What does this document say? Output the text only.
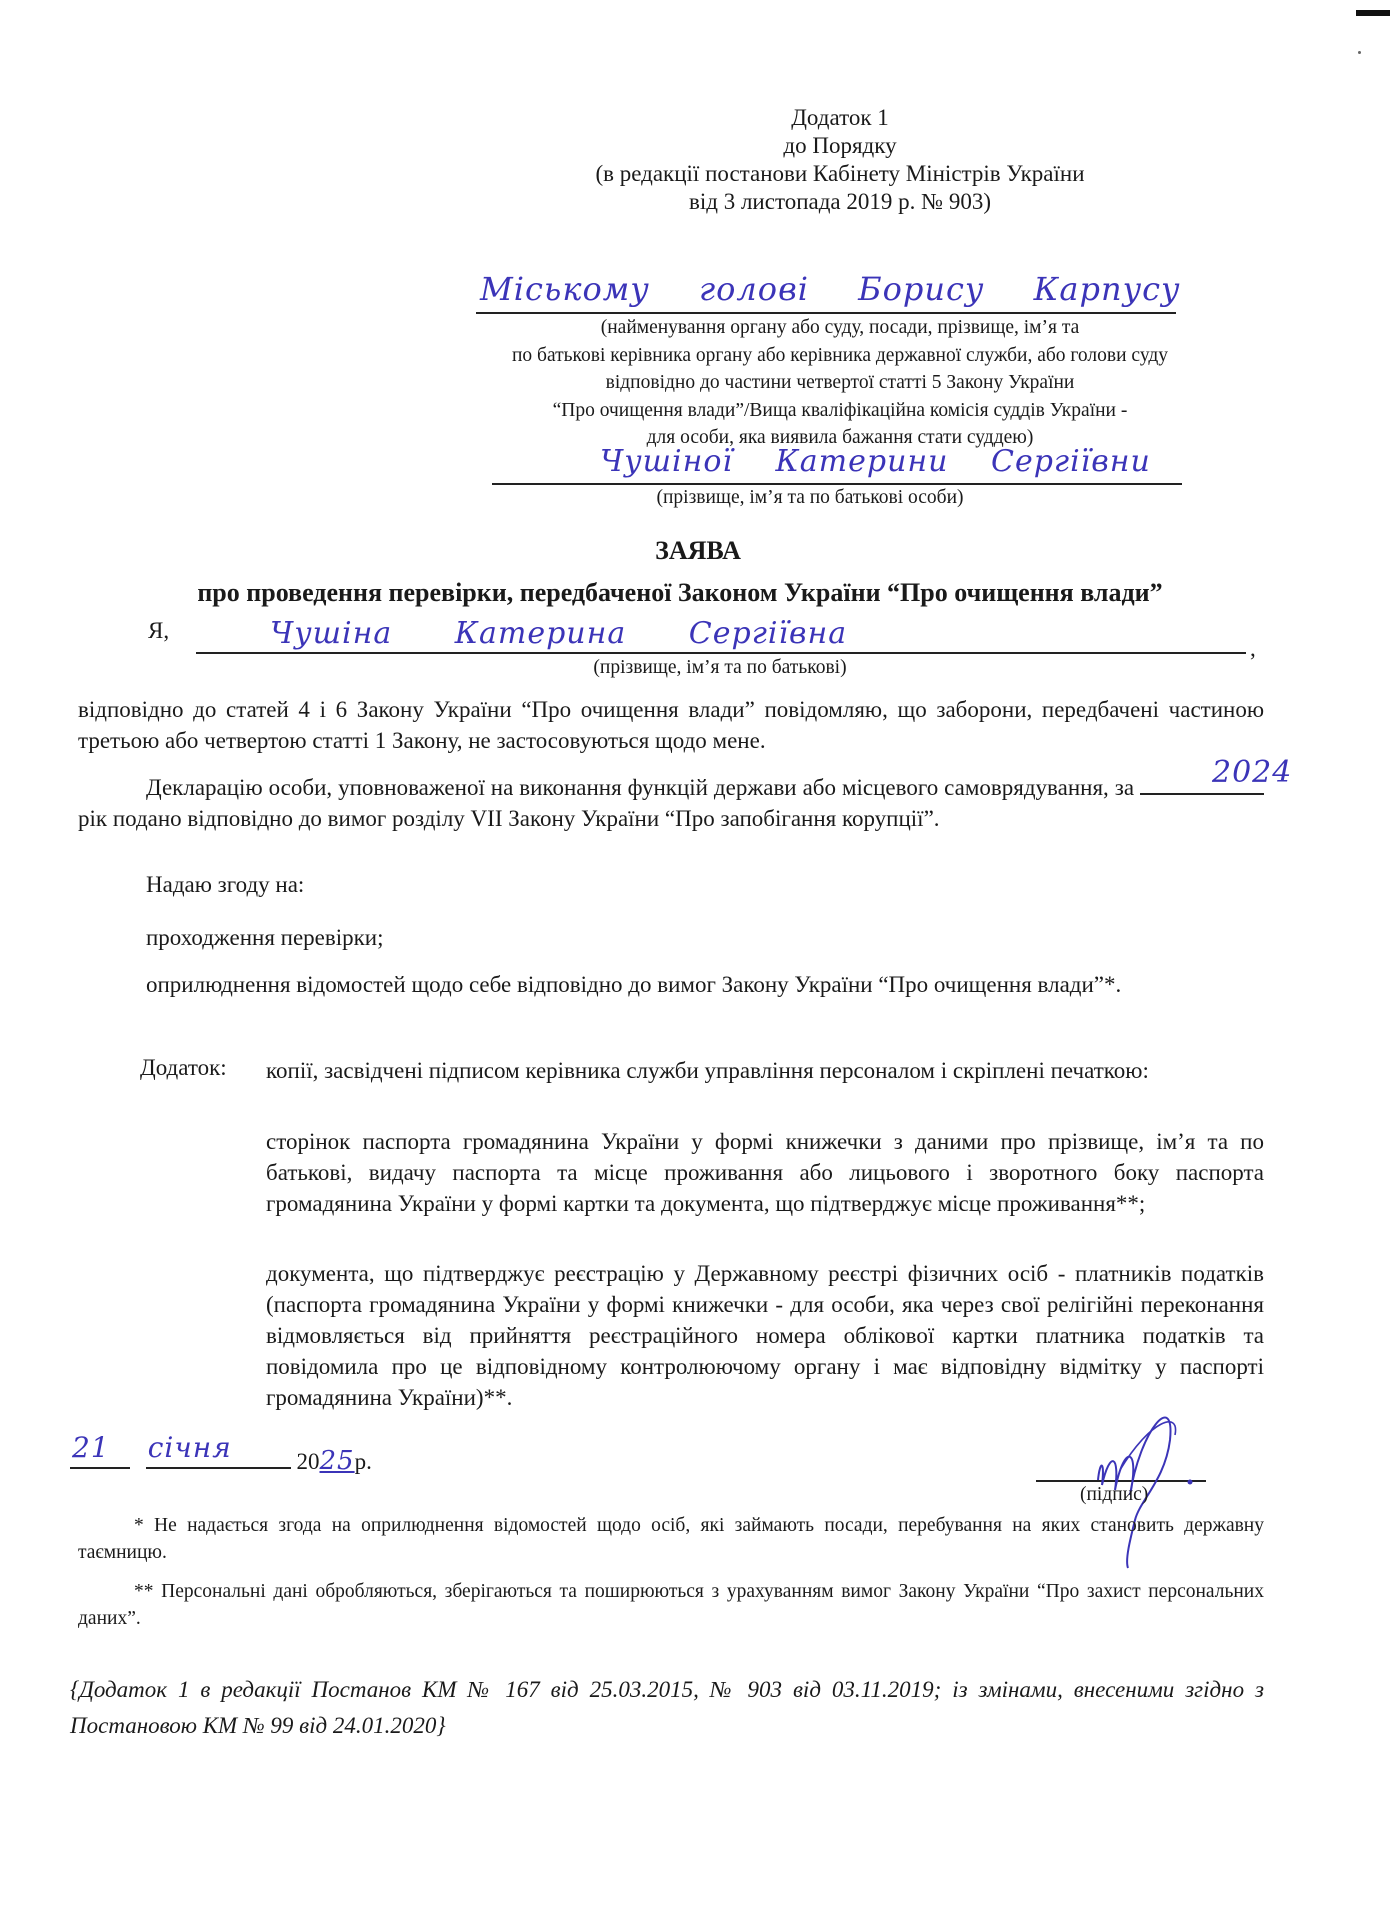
Додаток 1
до Порядку
(в редакції постанови Кабінету Міністрів України
від 3 листопада 2019 р. № 903)
Міському голові Борису Карпусу
(найменування органу або суду, посади, прізвище, ім’я та
по батькові керівника органу або керівника державної служби, або голови суду
відповідно до частини четвертої статті 5 Закону України
“Про очищення влади”/Вища кваліфікаційна комісія суддів України -
для особи, яка виявила бажання стати суддею)
Чушіної Катерини Сергіївни
(прізвище, ім’я та по батькові особи)
ЗАЯВА
про проведення перевірки, передбаченої Законом України “Про очищення влади”
Я,	Чушіна Катерина Сергіївна	,
(прізвище, ім’я та по батькові)
відповідно до статей 4 і 6 Закону України “Про очищення влади” повідомляю, що заборони, передбачені частиною третьою або четвертою статті 1 Закону, не застосовуються щодо мене.
Декларацію особи, уповноваженої на виконання функцій держави або місцевого самоврядування, за	2024
рік подано відповідно до вимог розділу VII Закону України “Про запобігання корупції”.
Надаю згоду на:
проходження перевірки;
оприлюднення відомостей щодо себе відповідно до вимог Закону України “Про очищення влади”*.
Додаток: копії, засвідчені підписом керівника служби управління персоналом і скріплені печаткою:
сторінок паспорта громадянина України у формі книжечки з даними про прізвище, ім’я та по батькові, видачу паспорта та місце проживання або лицьового і зворотного боку паспорта громадянина України у формі картки та документа, що підтверджує місце проживання**;
документа, що підтверджує реєстрацію у Державному реєстрі фізичних осіб - платників податків (паспорта громадянина України у формі книжечки - для особи, яка через свої релігійні переконання відмовляється від прийняття реєстраційного номера облікової картки платника податків та повідомила про це відповідному контролюючому органу і має відповідну відмітку у паспорті громадянина України)**.
21
січня	2025р.
(підпис)
* Не надається згода на оприлюднення відомостей щодо осіб, які займають посади, перебування на яких становить державну таємницю.
** Персональні дані обробляються, зберігаються та поширюються з урахуванням вимог Закону України “Про захист персональних даних”.
{Додаток 1 в редакції Постанов КМ № 167 від 25.03.2015, № 903 від 03.11.2019; із змінами, внесеними згідно з Постановою КМ № 99 від 24.01.2020}
